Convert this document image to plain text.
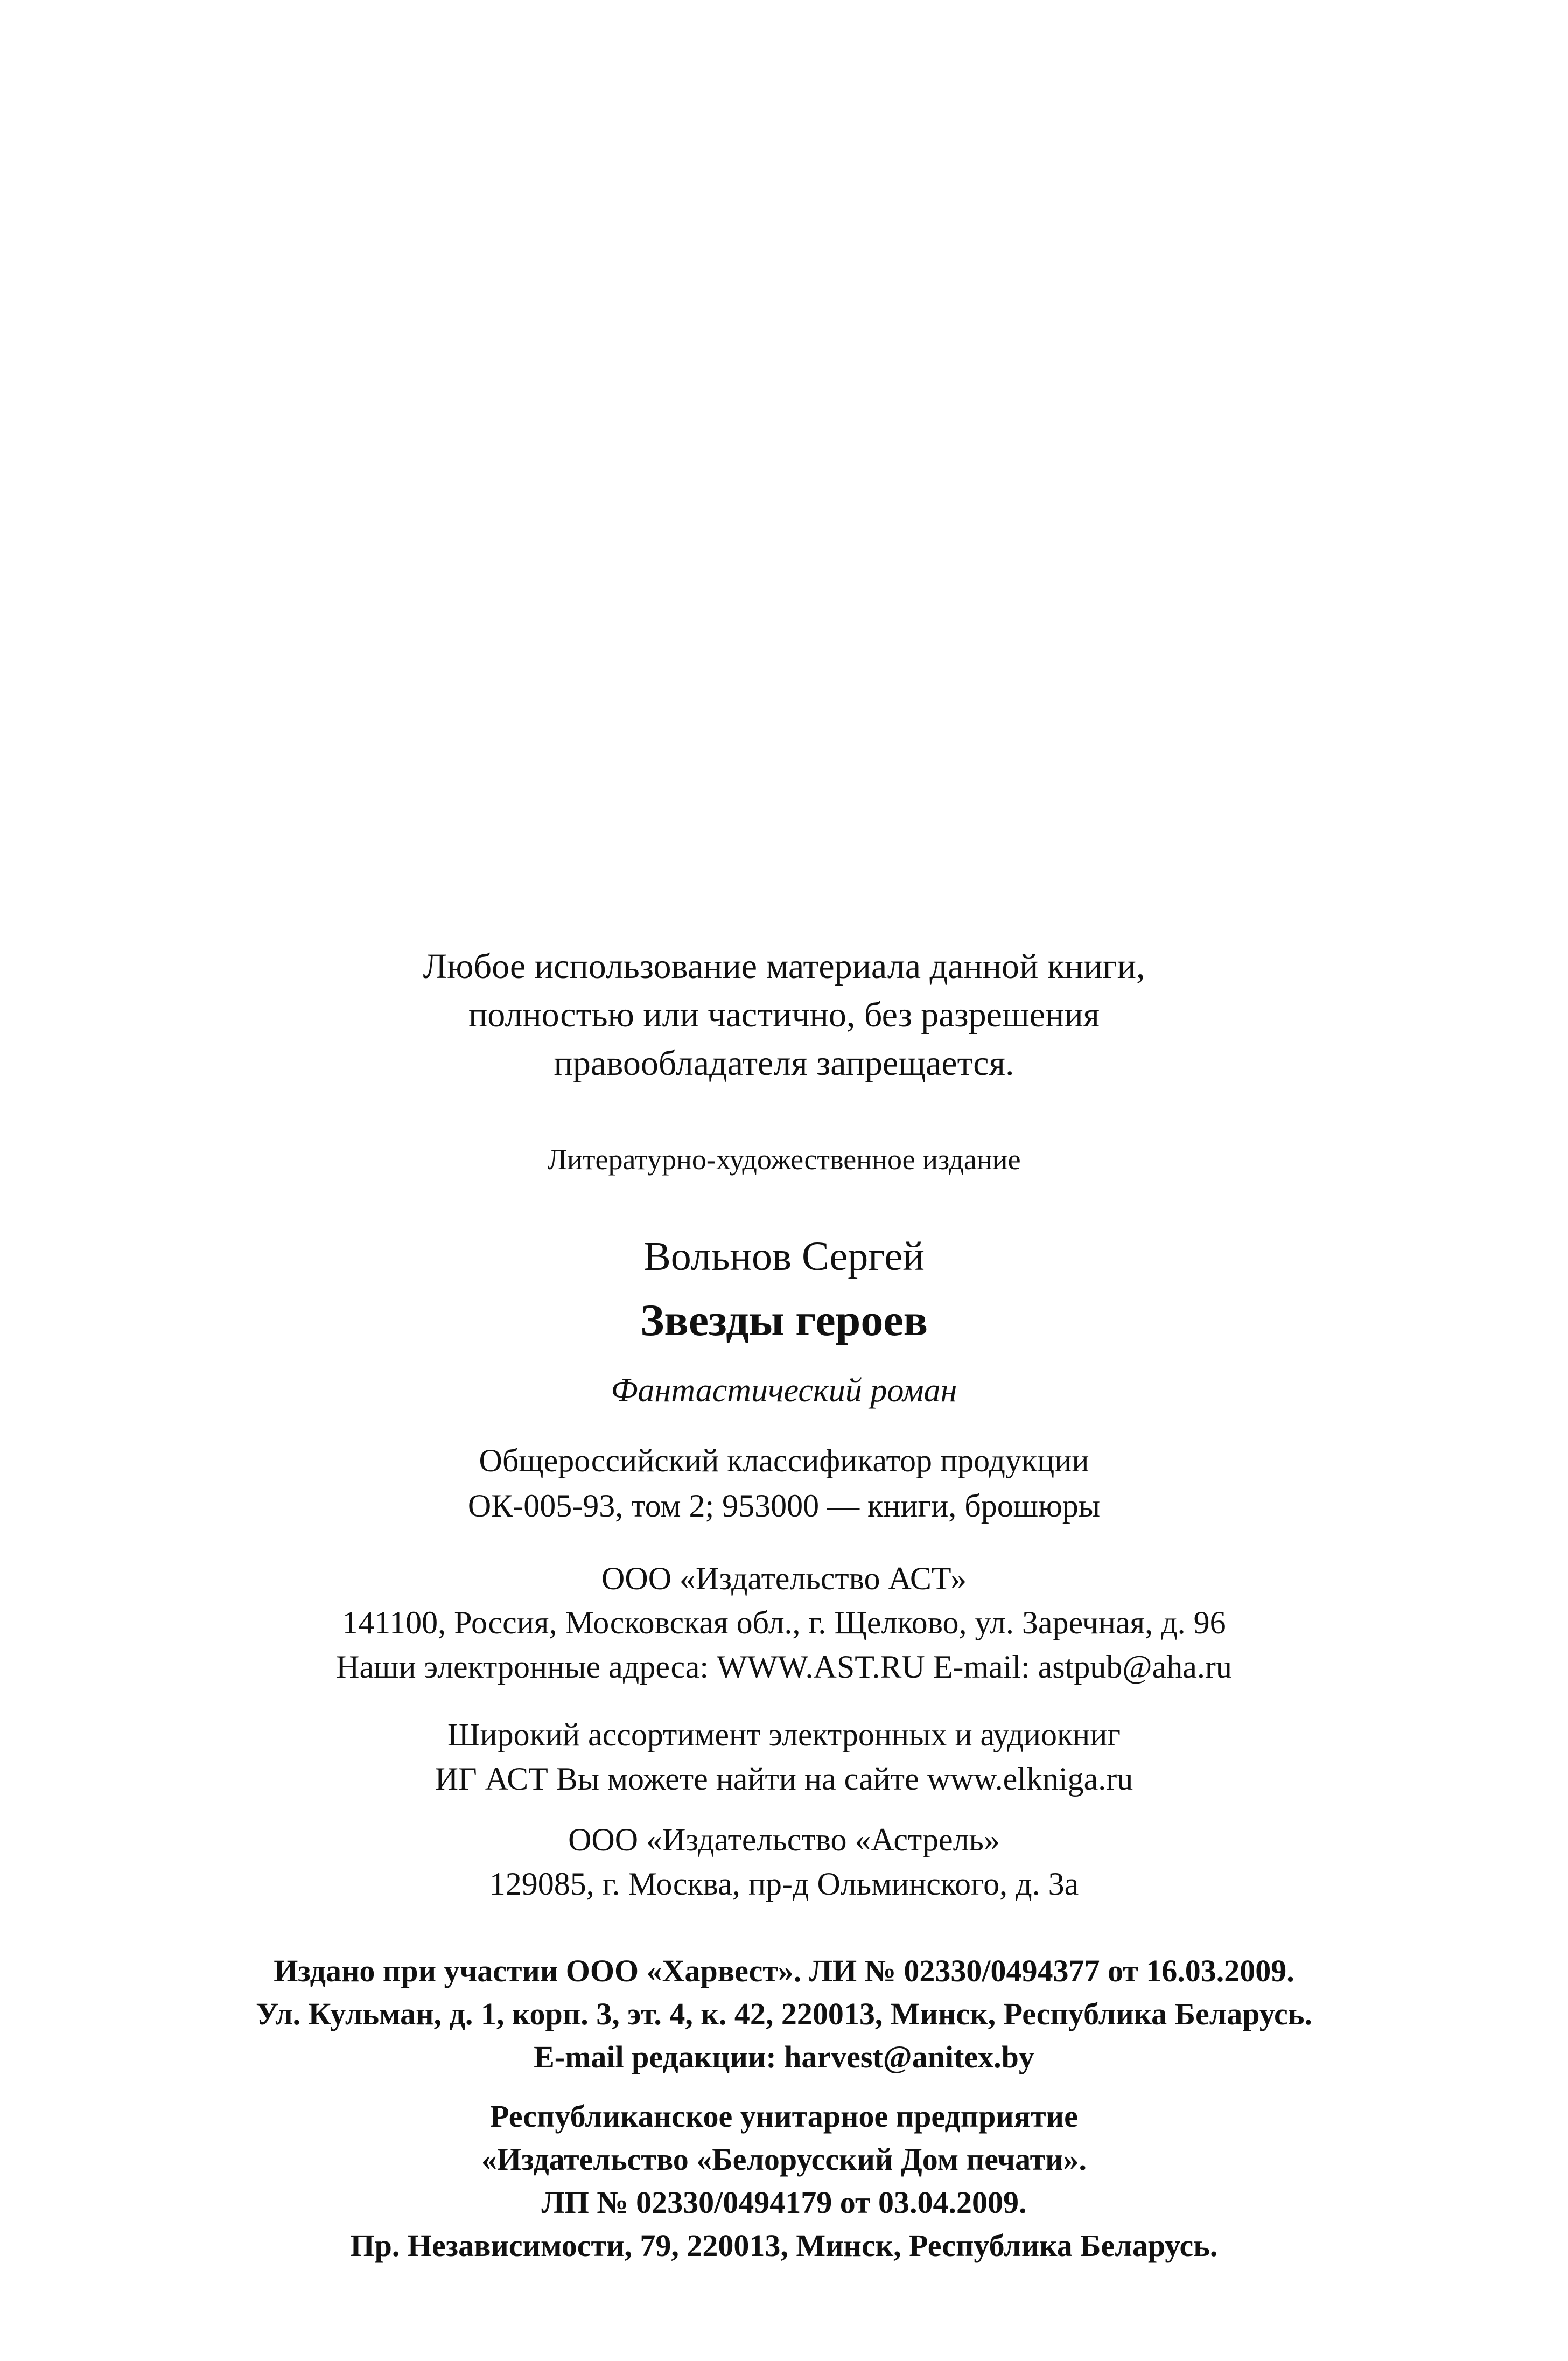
Любое использование материала данной книги,
полностью или частично, без разрешения
правообладателя запрещается.
Литературно-художественное издание
Вольнов Сергей
Звезды героев
Фантастический роман
Общероссийский классификатор продукции
ОК-005-93, том 2; 953000 — книги, брошюры
ООО «Издательство АСТ»
141100, Россия, Московская обл., г. Щелково, ул. Заречная, д. 96
Наши электронные адреса: WWW.AST.RU E-mail: astpub@aha.ru
Широкий ассортимент электронных и аудиокниг
ИГ АСТ Вы можете найти на сайте www.elkniga.ru
ООО «Издательство «Астрель»
129085, г. Москва, пр-д Ольминского, д. 3а
Издано при участии ООО «Харвест». ЛИ № 02330/0494377 от 16.03.2009.
Ул. Кульман, д. 1, корп. 3, эт. 4, к. 42, 220013, Минск, Республика Беларусь.
E-mail редакции: harvest@anitex.by
Республиканское унитарное предприятие
«Издательство «Белорусский Дом печати».
ЛП № 02330/0494179 от 03.04.2009.
Пр. Независимости, 79, 220013, Минск, Республика Беларусь.
